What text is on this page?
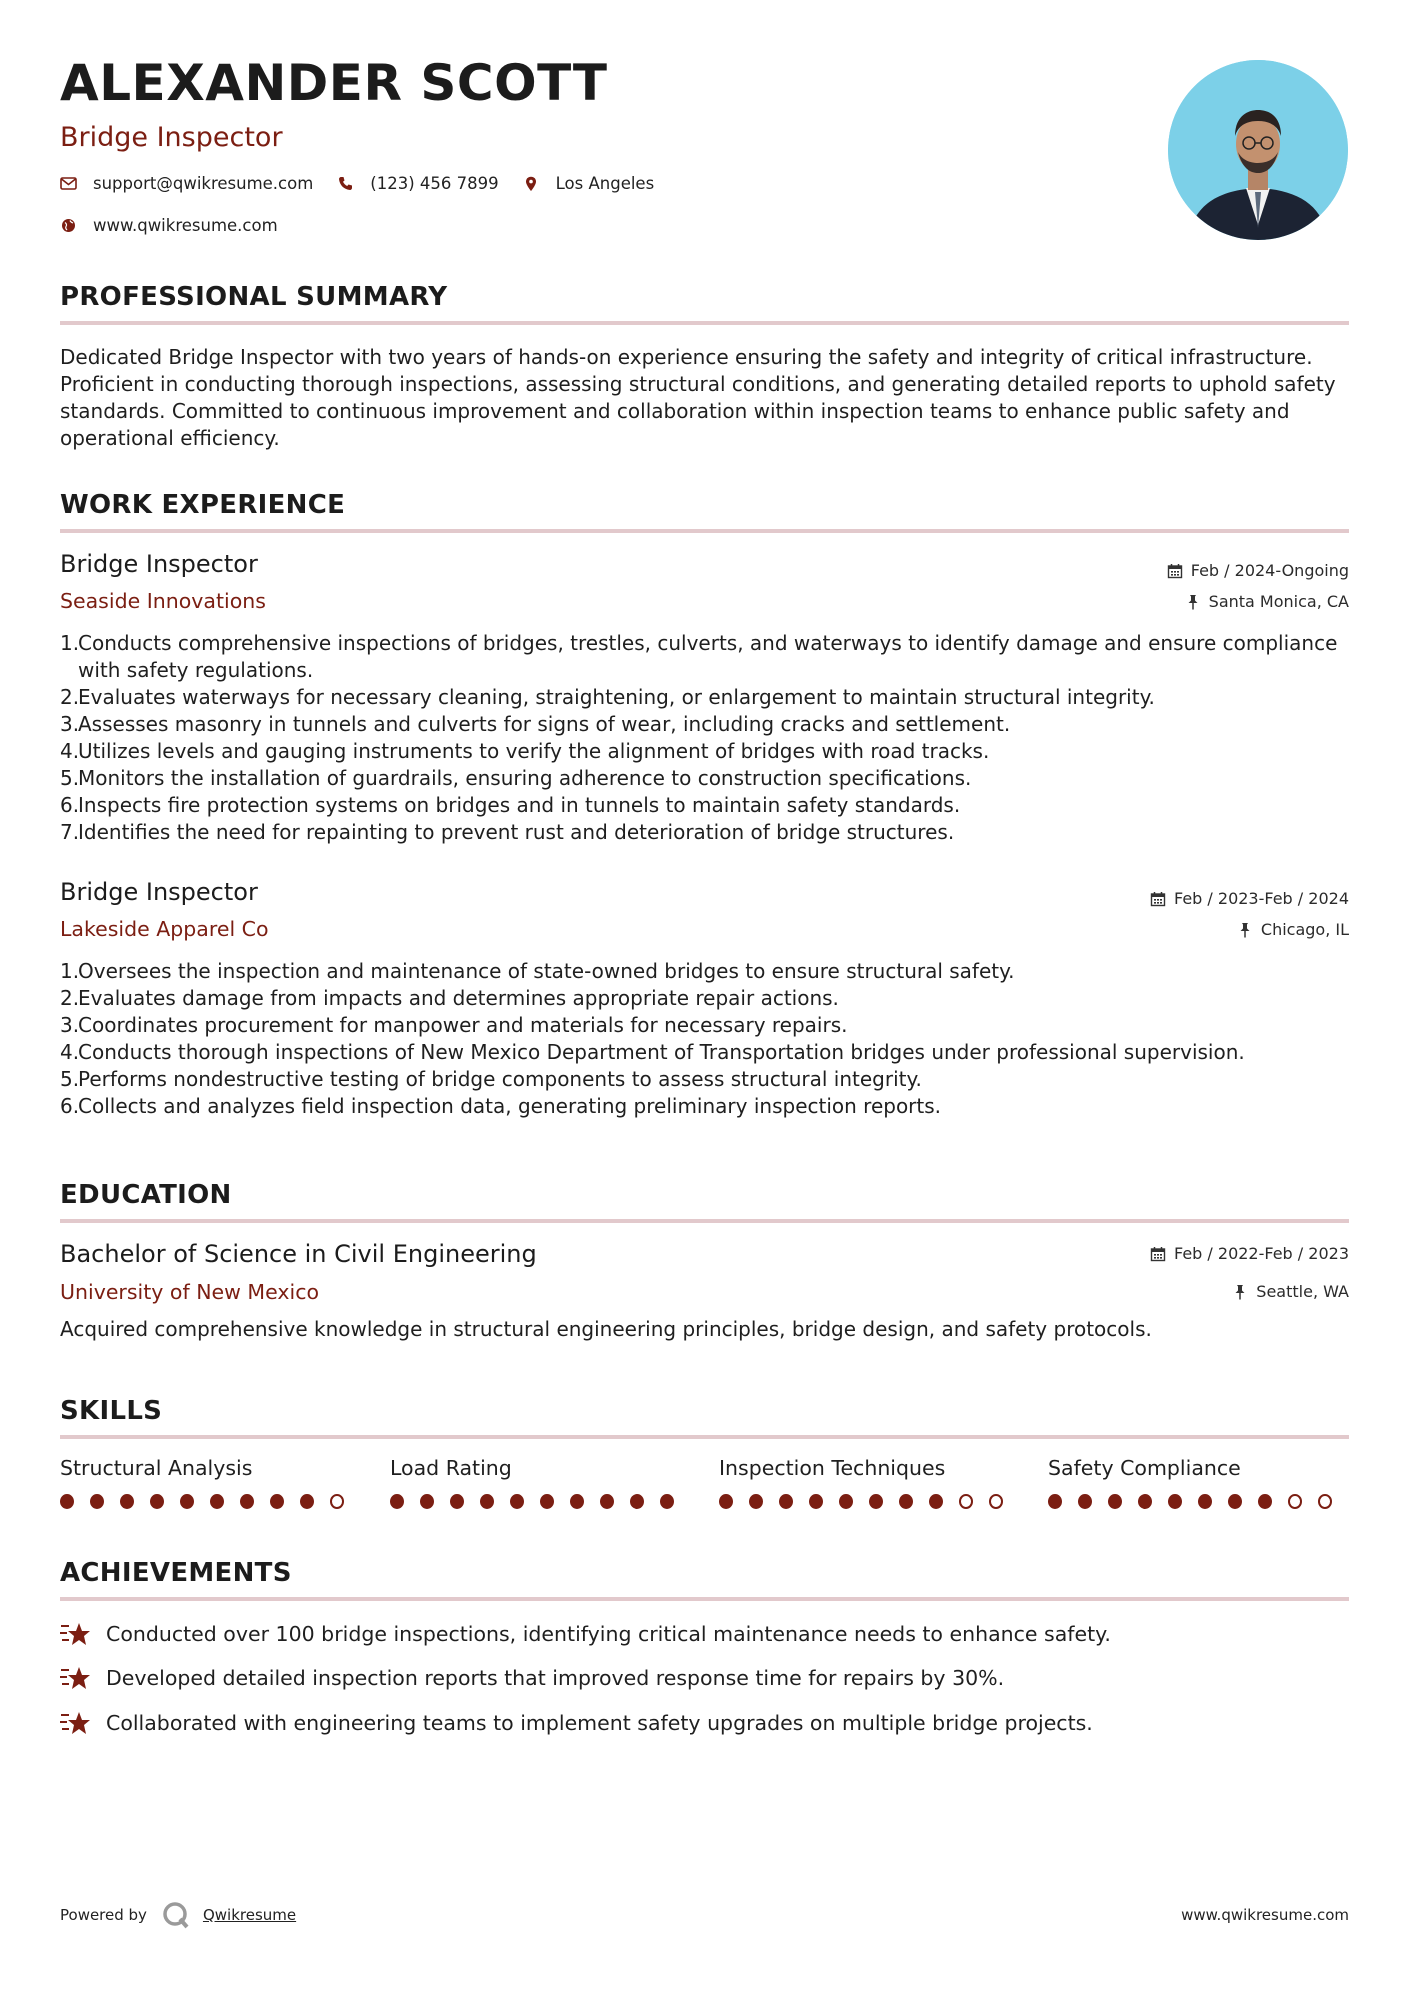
ALEXANDER SCOTT
Bridge Inspector
support@qwikresume.com	(123) 456 7899	Los Angeles
www.qwikresume.com
PROFESSIONAL SUMMARY
Dedicated Bridge Inspector with two years of hands-on experience ensuring the safety and integrity of critical infrastructure. Proficient in conducting thorough inspections, assessing structural conditions, and generating detailed reports to uphold safety standards. Committed to continuous improvement and collaboration within inspection teams to enhance public safety and operational efficiency.
WORK EXPERIENCE
Bridge Inspector
Seaside Innovations
Feb / 2024-Ongoing
Santa Monica, CA
1.
Conducts comprehensive inspections of bridges, trestles, culverts, and waterways to identify damage and ensure compliance with safety regulations.
2.
Evaluates waterways for necessary cleaning, straightening, or enlargement to maintain structural integrity.
3.
Assesses masonry in tunnels and culverts for signs of wear, including cracks and settlement.
4.
Utilizes levels and gauging instruments to verify the alignment of bridges with road tracks.
5.
Monitors the installation of guardrails, ensuring adherence to construction specifications.
6.
Inspects fire protection systems on bridges and in tunnels to maintain safety standards.
7.
Identifies the need for repainting to prevent rust and deterioration of bridge structures.
Bridge Inspector
Lakeside Apparel Co
Feb / 2023-Feb / 2024
Chicago, IL
1.
Oversees the inspection and maintenance of state-owned bridges to ensure structural safety.
2.
Evaluates damage from impacts and determines appropriate repair actions.
3.
Coordinates procurement for manpower and materials for necessary repairs.
4.
Conducts thorough inspections of New Mexico Department of Transportation bridges under professional supervision.
5.
Performs nondestructive testing of bridge components to assess structural integrity.
6.
Collects and analyzes field inspection data, generating preliminary inspection reports.
EDUCATION
Bachelor of Science in Civil Engineering
University of New Mexico
Feb / 2022-Feb / 2023
Seattle, WA
Acquired comprehensive knowledge in structural engineering principles, bridge design, and safety protocols.
SKILLS
Structural Analysis	Load Rating	Inspection Techniques	Safety Compliance
ACHIEVEMENTS
Conducted over 100 bridge inspections, identifying critical maintenance needs to enhance safety.
Developed detailed inspection reports that improved response time for repairs by 30%.
Collaborated with engineering teams to implement safety upgrades on multiple bridge projects.
Powered by	Qwikresume	www.qwikresume.com
